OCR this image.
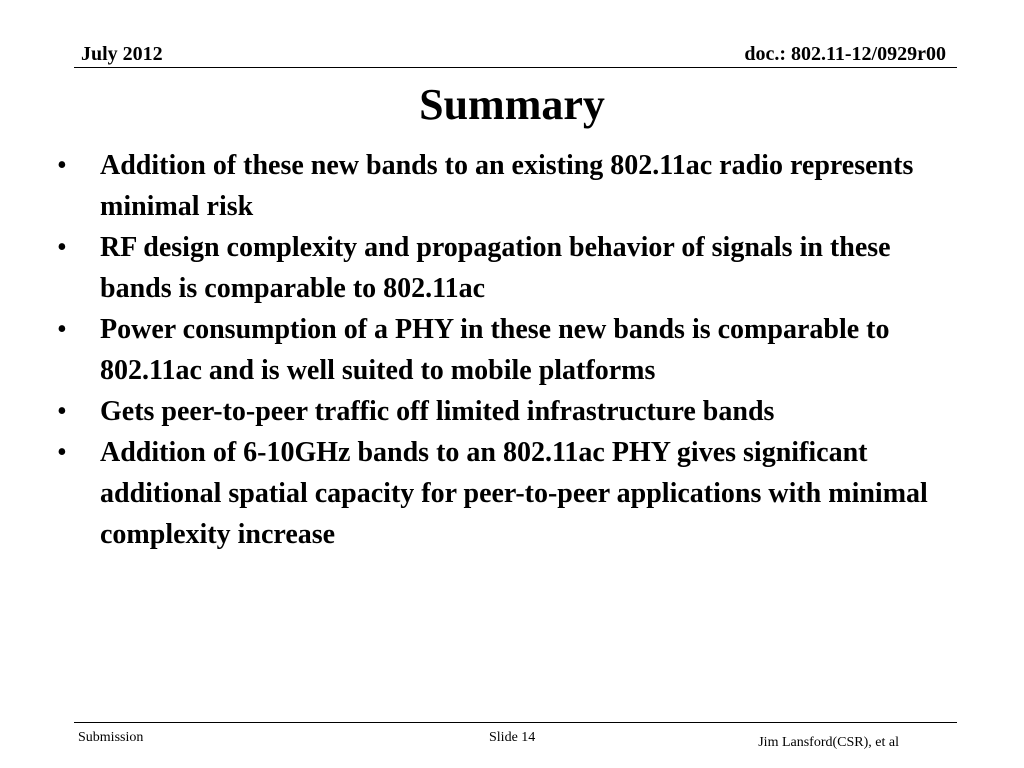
July 2012	doc.: 802.11-12/0929r00
Summary
• Addition of these new bands to an existing 802.11ac radio represents minimal risk
• RF design complexity and propagation behavior of signals in these bands is comparable to 802.11ac
• Power consumption of a PHY in these new bands is comparable to 802.11ac and is well suited to mobile platforms
• Gets peer-to-peer traffic off limited infrastructure bands
• Addition of 6-10GHz bands to an 802.11ac PHY gives significant additional spatial capacity for peer-to-peer applications with minimal complexity increase
Submission	Slide 14	Jim Lansford(CSR), et al
